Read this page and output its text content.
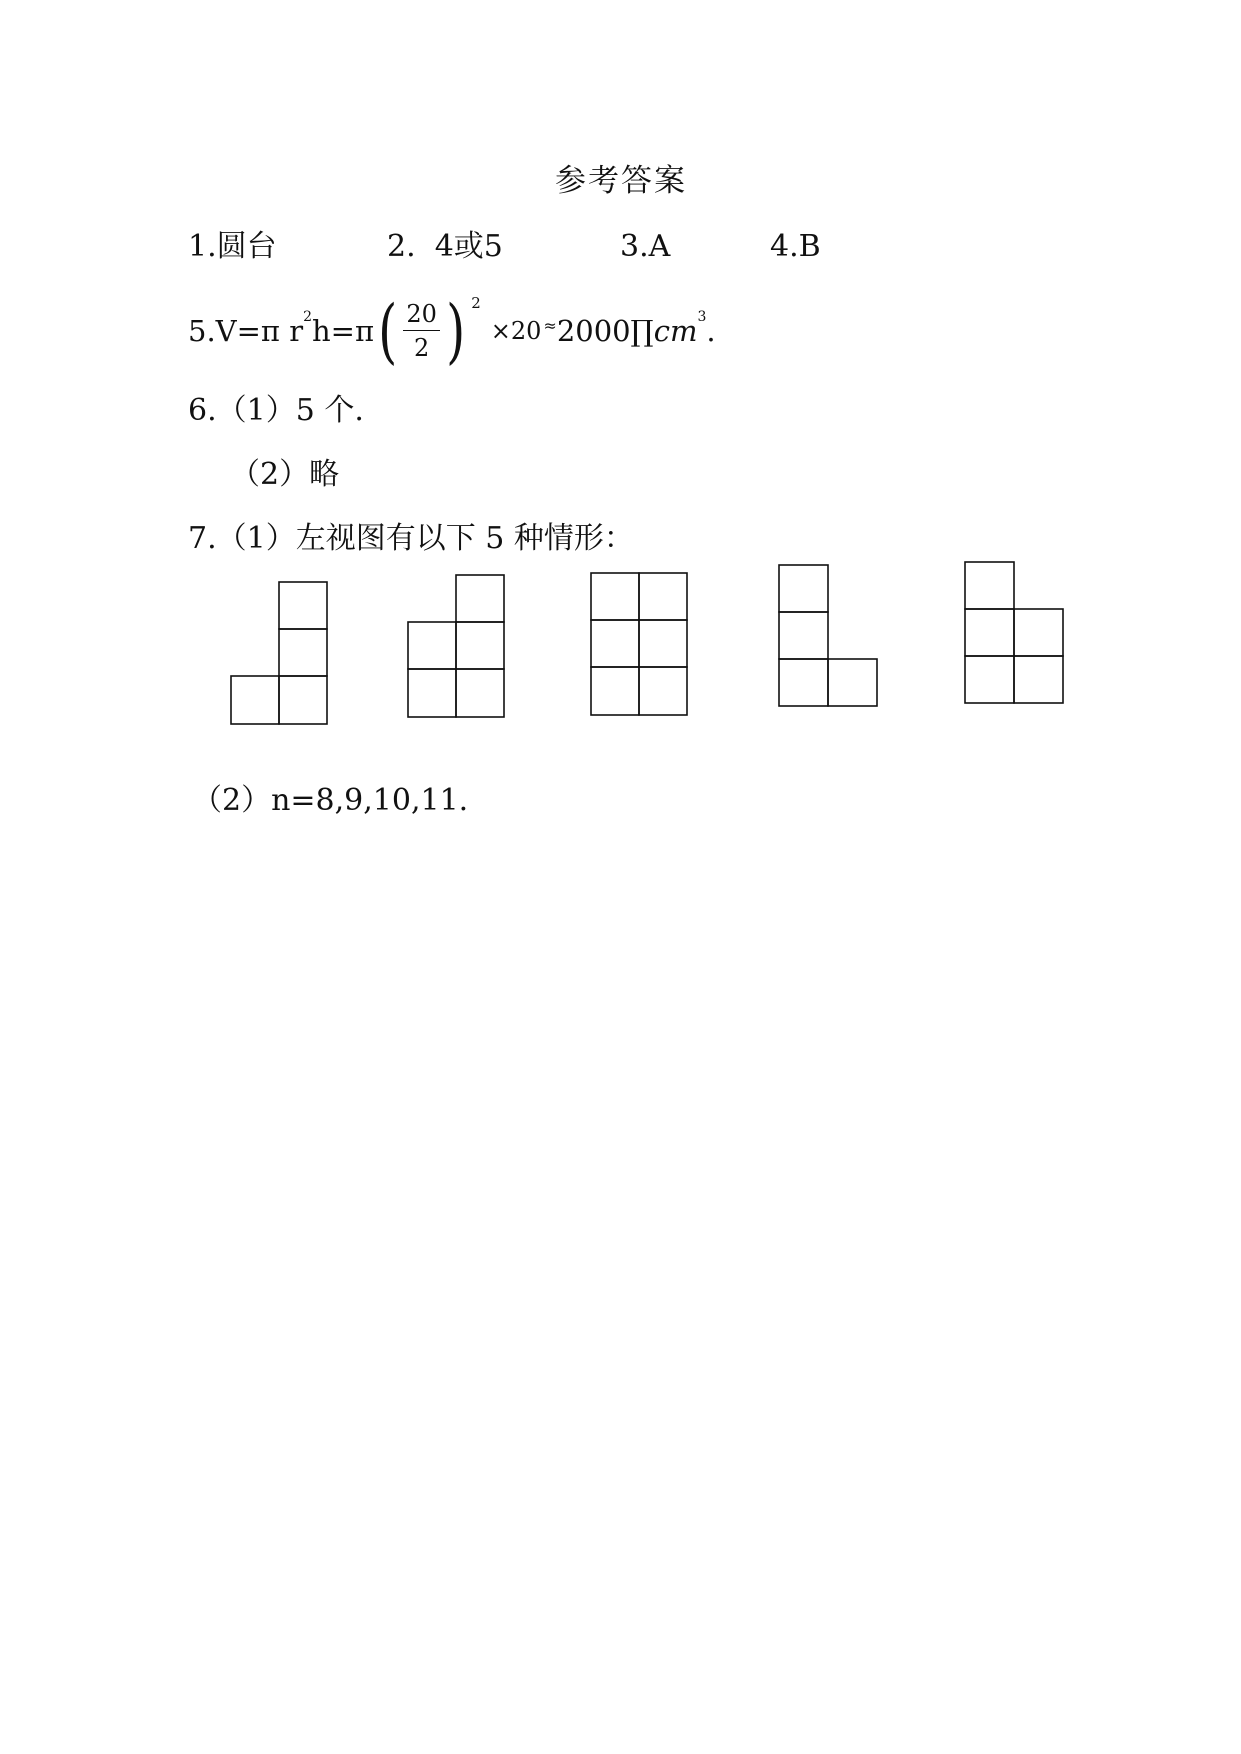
参考答案
1.圆台	2.  4或5	3.A	4.B
5. V=π r 2 h=π ( $\frac{20}{2}$ ) 2
×20 ≈ 2000∏ cm 3 .
6.（1）5 个.
（2）略
7.（1）左视图有以下 5 种情形：
（2）n=8,9,10,11.
